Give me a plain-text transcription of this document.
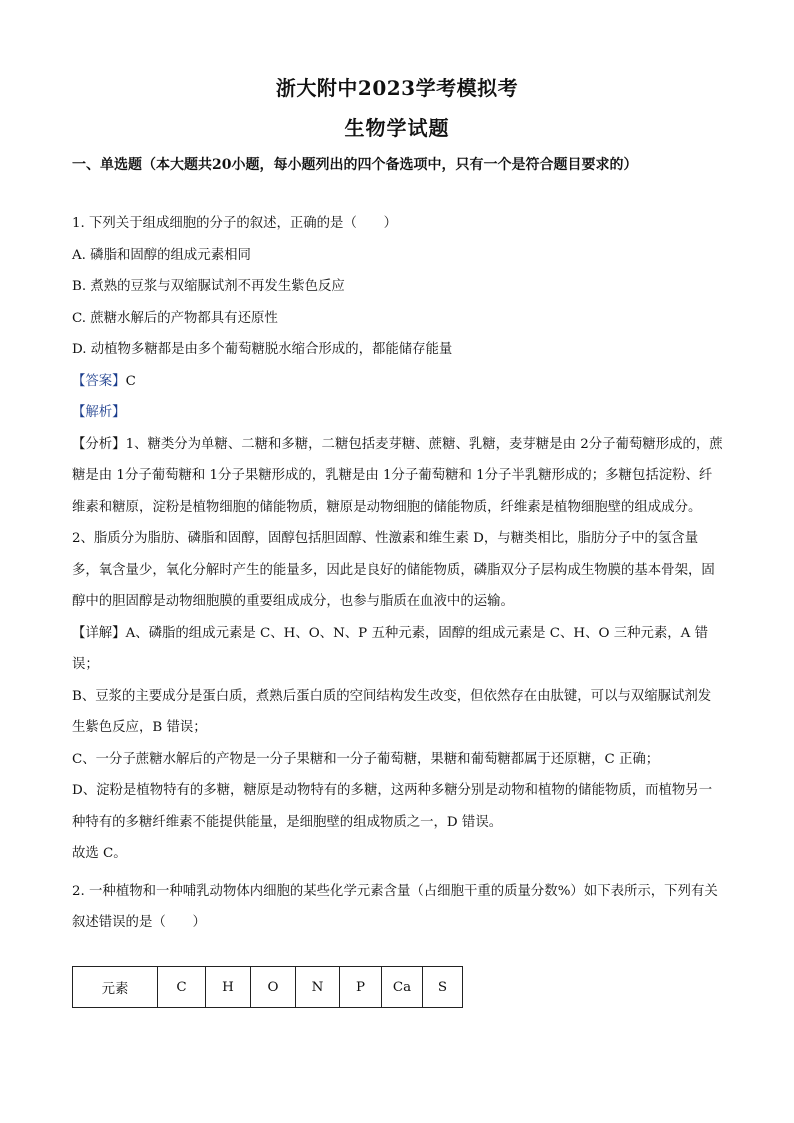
浙大附中2023学考模拟考
生物学试题
一、单选题（本大题共20小题，每小题列出的四个备选项中，只有一个是符合题目要求的）

1. 下列关于组成细胞的分子的叙述，正确的是（　　）

A. 磷脂和固醇的组成元素相同

B. 煮熟的豆浆与双缩脲试剂不再发生紫色反应

C. 蔗糖水解后的产物都具有还原性

D. 动植物多糖都是由多个葡萄糖脱水缩合形成的，都能储存能量

【答案】C

【解析】

【分析】1、糖类分为单糖、二糖和多糖，二糖包括麦芽糖、蔗糖、乳糖，麦芽糖是由 2分子葡萄糖形成的，蔗糖是由 1分子葡萄糖和 1分子果糖形成的，乳糖是由 1分子葡萄糖和 1分子半乳糖形成的；多糖包括淀粉、纤维素和糖原，淀粉是植物细胞的储能物质，糖原是动物细胞的储能物质，纤维素是植物细胞壁的组成成分。

2、脂质分为脂肪、磷脂和固醇，固醇包括胆固醇、性激素和维生素 D，与糖类相比，脂肪分子中的氢含量多，氧含量少，氧化分解时产生的能量多，因此是良好的储能物质，磷脂双分子层构成生物膜的基本骨架，固醇中的胆固醇是动物细胞膜的重要组成成分，也参与脂质在血液中的运输。

【详解】A、磷脂的组成元素是 C、H、O、N、P 五种元素，固醇的组成元素是 C、H、O 三种元素，A 错误；

B、豆浆的主要成分是蛋白质，煮熟后蛋白质的空间结构发生改变，但依然存在由肽键，可以与双缩脲试剂发生紫色反应，B 错误；

C、一分子蔗糖水解后的产物是一分子果糖和一分子葡萄糖，果糖和葡萄糖都属于还原糖，C 正确；

D、淀粉是植物特有的多糖，糖原是动物特有的多糖，这两种多糖分别是动物和植物的储能物质，而植物另一种特有的多糖纤维素不能提供能量，是细胞壁的组成物质之一，D 错误。

故选 C。

2. 一种植物和一种哺乳动物体内细胞的某些化学元素含量（占细胞干重的质量分数%）如下表所示，下列有关叙述错误的是（　　）

元素	C	H	O	N	P	Ca	S
